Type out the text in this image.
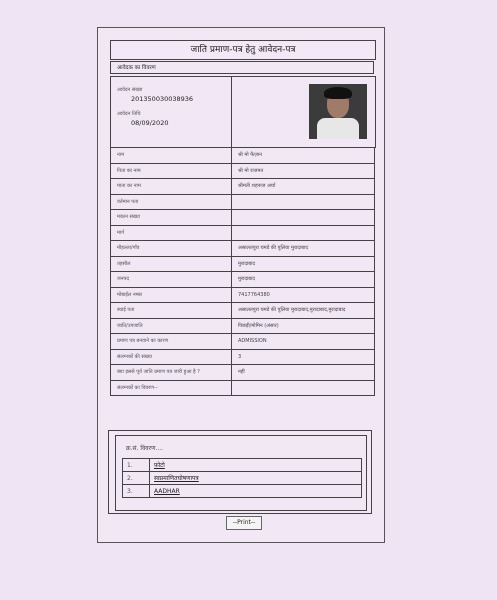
जाति प्रमाण-पत्र हेतु आवेदन-पत्र
आवेदक का विवरण
आवेदन संख्या
201350030038936
आवेदन तिथि
08/09/2020
नाम	श्री मो फैज़ान
पिता का नाम	श्री मो राजमत
माता का नाम	श्रीमती शहनाज अर्चा
वर्तमान पता	
मकान संख्या	
मार्ग	
मौहल्ला/गाँव	असालतपुरा चमडे की पुलिया मुरादाबाद
तहसील	मुरादाबाद
जनपद	मुरादाबाद
मोबाईल नम्बर	7417764380
स्थाई पता	असालतपुरा चमडे की पुलिया मुरादाबाद,मुरादाबाद,मुरादाबाद
जाति/उपजाति	पिछड़ी/मोमिन (अंसार)
प्रमाण पत्र बनवाने का कारण	ADMISSION
संलग्नकों की संख्या	3
क्या इससे पूर्व जाति प्रमाण पत्र जारी हुआ है ?	नहीं
संलग्नकों का विवरण--	
क्र.सं. विवरण....
1.	फ़ोटो
2.	स्वप्रमाणितघोषणापत्र
3.	AADHAR
--Print--
